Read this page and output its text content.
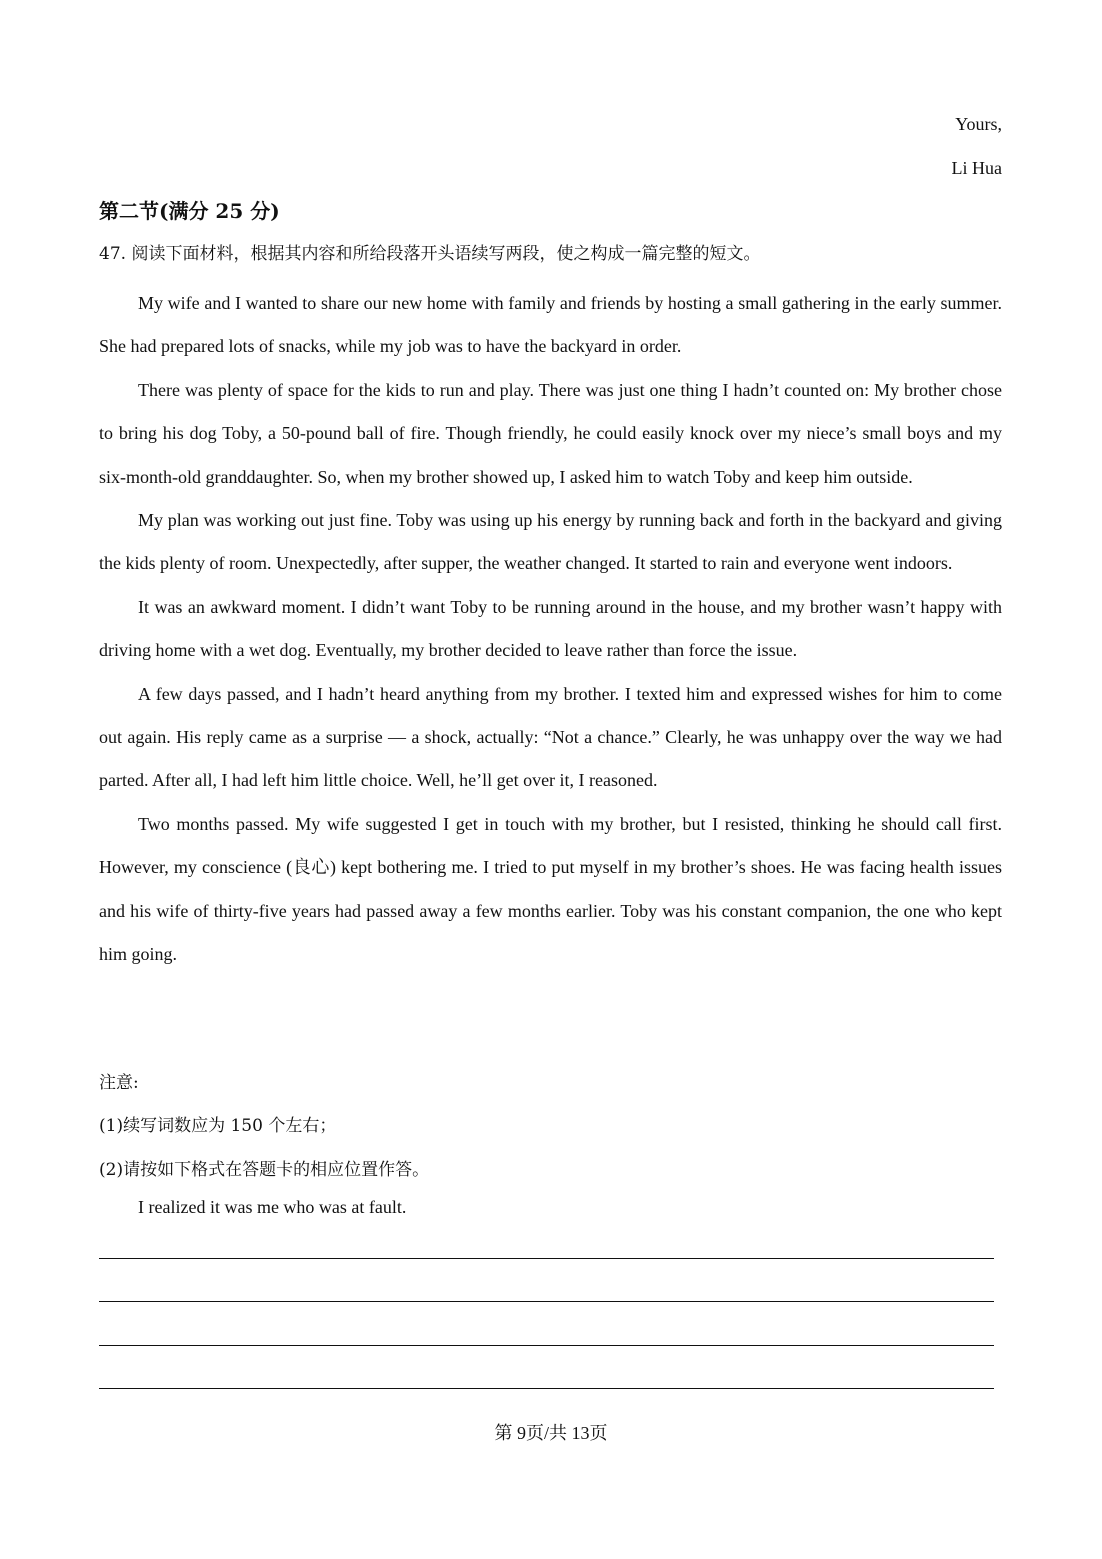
Yours,
Li Hua
第二节(满分 25 分)
47. 阅读下面材料，根据其内容和所给段落开头语续写两段，使之构成一篇完整的短文。

My wife and I wanted to share our new home with family and friends by hosting a small gathering in the early summer. She had prepared lots of snacks, while my job was to have the backyard in order.

There was plenty of space for the kids to run and play. There was just one thing I hadn’t counted on: My brother chose to bring his dog Toby, a 50-pound ball of fire. Though friendly, he could easily knock over my niece’s small boys and my six-month-old granddaughter. So, when my brother showed up, I asked him to watch Toby and keep him outside.

My plan was working out just fine. Toby was using up his energy by running back and forth in the backyard and giving the kids plenty of room. Unexpectedly, after supper, the weather changed. It started to rain and everyone went indoors.

It was an awkward moment. I didn’t want Toby to be running around in the house, and my brother wasn’t happy with driving home with a wet dog. Eventually, my brother decided to leave rather than force the issue.

A few days passed, and I hadn’t heard anything from my brother. I texted him and expressed wishes for him to come out again. His reply came as a surprise — a shock, actually: “Not a chance.” Clearly, he was unhappy over the way we had parted. After all, I had left him little choice. Well, he’ll get over it, I reasoned.

Two months passed. My wife suggested I get in touch with my brother, but I resisted, thinking he should call first. However, my conscience (良心) kept bothering me. I tried to put myself in my brother’s shoes. He was facing health issues and his wife of thirty-five years had passed away a few months earlier. Toby was his constant companion, the one who kept him going.

注意:
(1)续写词数应为 150 个左右；
(2)请按如下格式在答题卡的相应位置作答。
I realized it was me who was at fault.
第 9页/共 13页
